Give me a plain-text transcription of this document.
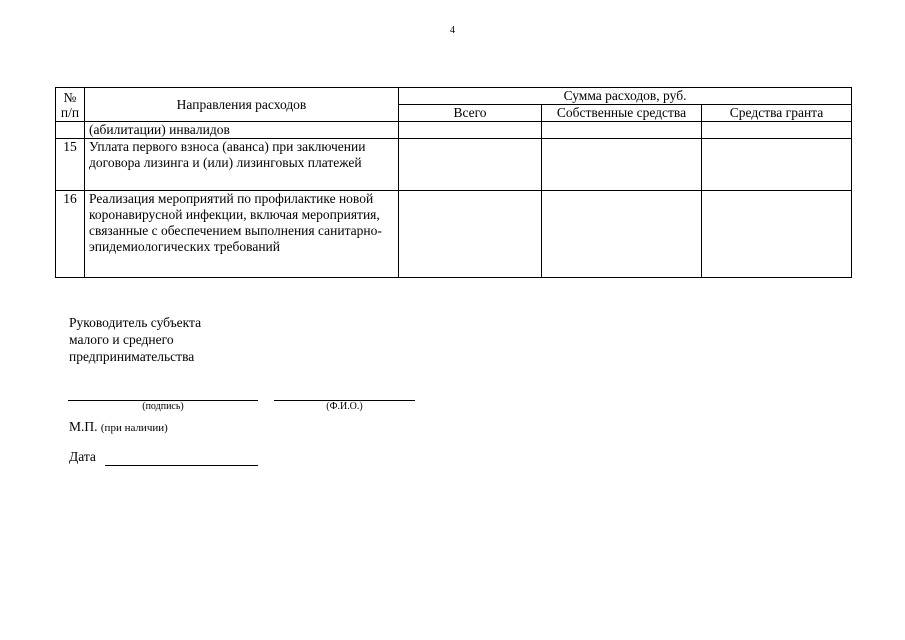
4
№ п/п	Направления расходов	Сумма расходов, руб.		
		Всего	Собственные средства	Средства гранта
	(абилитации) инвалидов			
15	Уплата первого взноса (аванса) при заключении договора лизинга и (или) лизинговых платежей			
16	Реализация мероприятий по профилактике новой коронавирусной инфекции, включая мероприятия, связанные с обеспечением выполнения санитарно-эпидемиологических требований			
Руководитель субъекта
малого и среднего
предпринимательства
(подпись)	(Ф.И.О.)
М.П. (при наличии)
Дата
